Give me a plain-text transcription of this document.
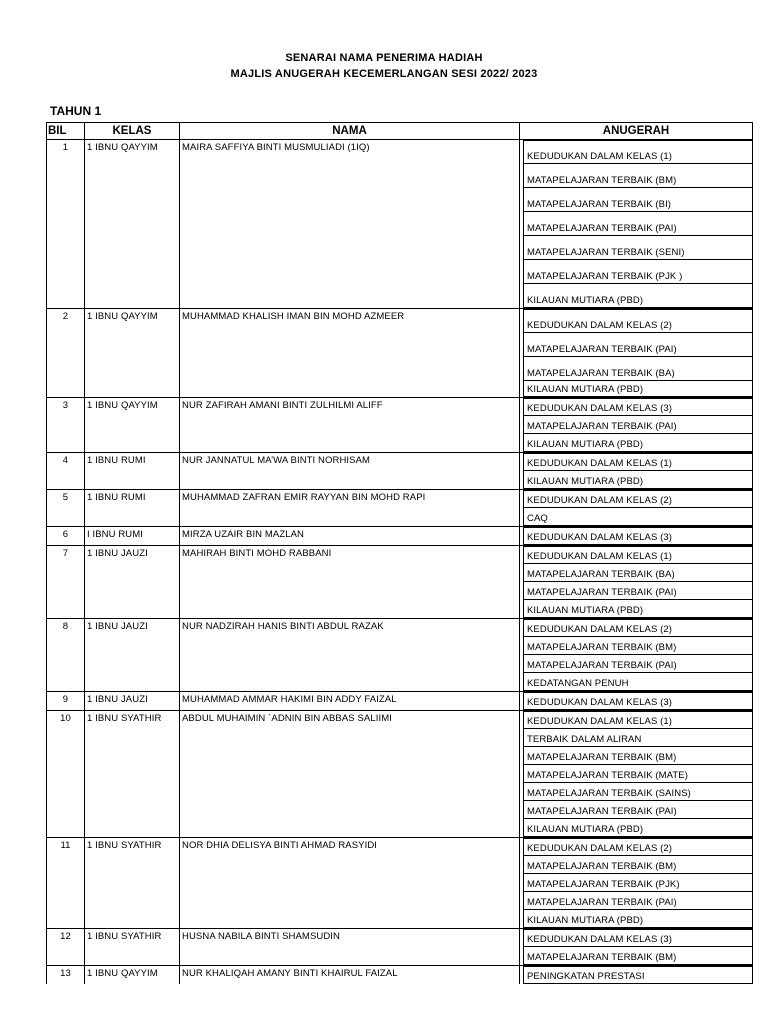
SENARAI NAMA PENERIMA HADIAH
MAJLIS ANUGERAH KECEMERLANGAN SESI 2022/ 2023
TAHUN 1
BIL	KELAS	NAMA	ANUGERAH
1	1 IBNU QAYYIM	MAIRA SAFFIYA BINTI MUSMULIADI (1IQ)	KEDUDUKAN DALAM KELAS (1)

MATAPELAJARAN TERBAIK (BM)

MATAPELAJARAN TERBAIK (BI)

MATAPELAJARAN TERBAIK (PAI)

MATAPELAJARAN TERBAIK (SENI)

MATAPELAJARAN TERBAIK (PJK )

KILAUAN MUTIARA (PBD)

2	1 IBNU QAYYIM	MUHAMMAD KHALISH IMAN BIN MOHD AZMEER	KEDUDUKAN DALAM KELAS (2)

MATAPELAJARAN TERBAIK (PAI)

MATAPELAJARAN TERBAIK (BA)

KILAUAN MUTIARA (PBD)

3	1 IBNU QAYYIM	NUR ZAFIRAH AMANI BINTI ZULHILMI ALIFF	KEDUDUKAN DALAM KELAS (3)

MATAPELAJARAN TERBAIK (PAI)

KILAUAN MUTIARA (PBD)

4	1 IBNU RUMI	NUR JANNATUL MA’WA BINTI NORHISAM	KEDUDUKAN DALAM KELAS (1)

KILAUAN MUTIARA (PBD)

5	1 IBNU RUMI	MUHAMMAD ZAFRAN EMIR RAYYAN BIN MOHD RAPI	KEDUDUKAN DALAM KELAS (2)

CAQ

6	I IBNU RUMI	MIRZA UZAIR BIN MAZLAN	KEDUDUKAN DALAM KELAS (3)

7	1 IBNU JAUZI	MAHIRAH BINTI MOHD RABBANI	KEDUDUKAN DALAM KELAS (1)

MATAPELAJARAN TERBAIK (BA)

MATAPELAJARAN TERBAIK (PAI)

KILAUAN MUTIARA (PBD)

8	1 IBNU JAUZI	NUR NADZIRAH HANIS BINTI ABDUL RAZAK	KEDUDUKAN DALAM KELAS (2)

MATAPELAJARAN TERBAIK (BM)

MATAPELAJARAN TERBAIK (PAI)

KEDATANGAN PENUH

9	1 IBNU JAUZI	MUHAMMAD AMMAR HAKIMI BIN ADDY FAIZAL	KEDUDUKAN DALAM KELAS (3)

10	1 IBNU SYATHIR	ABDUL MUHAIMIN `ADNIN BIN ABBAS SALIIMI	KEDUDUKAN DALAM KELAS (1)

TERBAIK DALAM ALIRAN

MATAPELAJARAN TERBAIK (BM)

MATAPELAJARAN TERBAIK (MATE)

MATAPELAJARAN TERBAIK (SAINS)

MATAPELAJARAN TERBAIK (PAI)

KILAUAN MUTIARA (PBD)

11	1 IBNU SYATHIR	NOR DHIA DELISYA BINTI AHMAD RASYIDI	KEDUDUKAN DALAM KELAS (2)

MATAPELAJARAN TERBAIK (BM)

MATAPELAJARAN TERBAIK (PJK)

MATAPELAJARAN TERBAIK (PAI)

KILAUAN MUTIARA (PBD)

12	1 IBNU SYATHIR	HUSNA NABILA BINTI SHAMSUDIN	KEDUDUKAN DALAM KELAS (3)

MATAPELAJARAN TERBAIK (BM)

13	1 IBNU QAYYIM	NUR KHALIQAH AMANY BINTI KHAIRUL FAIZAL	PENINGKATAN PRESTASI
